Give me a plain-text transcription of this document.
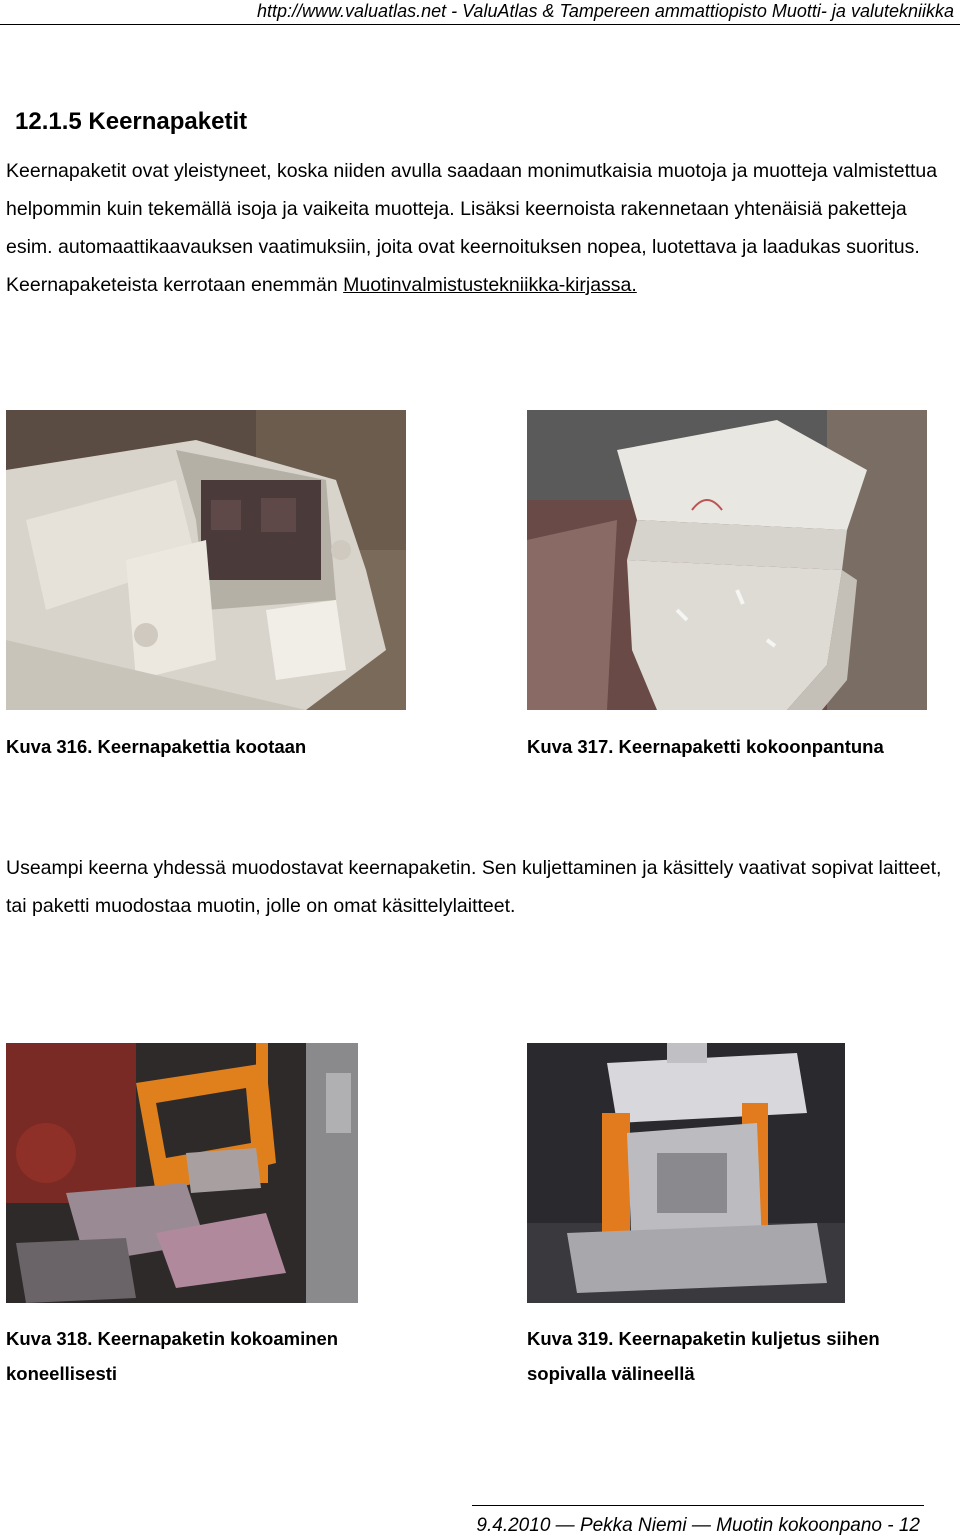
http://www.valuatlas.net - ValuAtlas & Tampereen ammattiopisto Muotti- ja valutekniikka
12.1.5 Keernapaketit

Keernapaketit ovat yleistyneet, koska niiden avulla saadaan monimutkaisia muotoja ja muotteja valmistettua helpommin kuin tekemällä isoja ja vaikeita muotteja. Lisäksi keernoista rakennetaan yhtenäisiä paketteja esim. automaattikaavauksen vaatimuksiin, joita ovat keernoituksen nopea, luotettava ja laadukas suoritus. Keernapaketeista kerrotaan enemmän Muotinvalmistustekniikka-kirjassa.

Kuva 316. Keernapakettia kootaan	Kuva 317. Keernapaketti kokoonpantuna

Useampi keerna yhdessä muodostavat keernapaketin. Sen kuljettaminen ja käsittely vaativat sopivat laitteet, tai paketti muodostaa muotin, jolle on omat käsittelylaitteet.

Kuva 318. Keernapaketin kokoaminen koneellisesti

Kuva 319. Keernapaketin kuljetus siihen sopivalla välineellä

9.4.2010 — Pekka Niemi — Muotin kokoonpano - 12
